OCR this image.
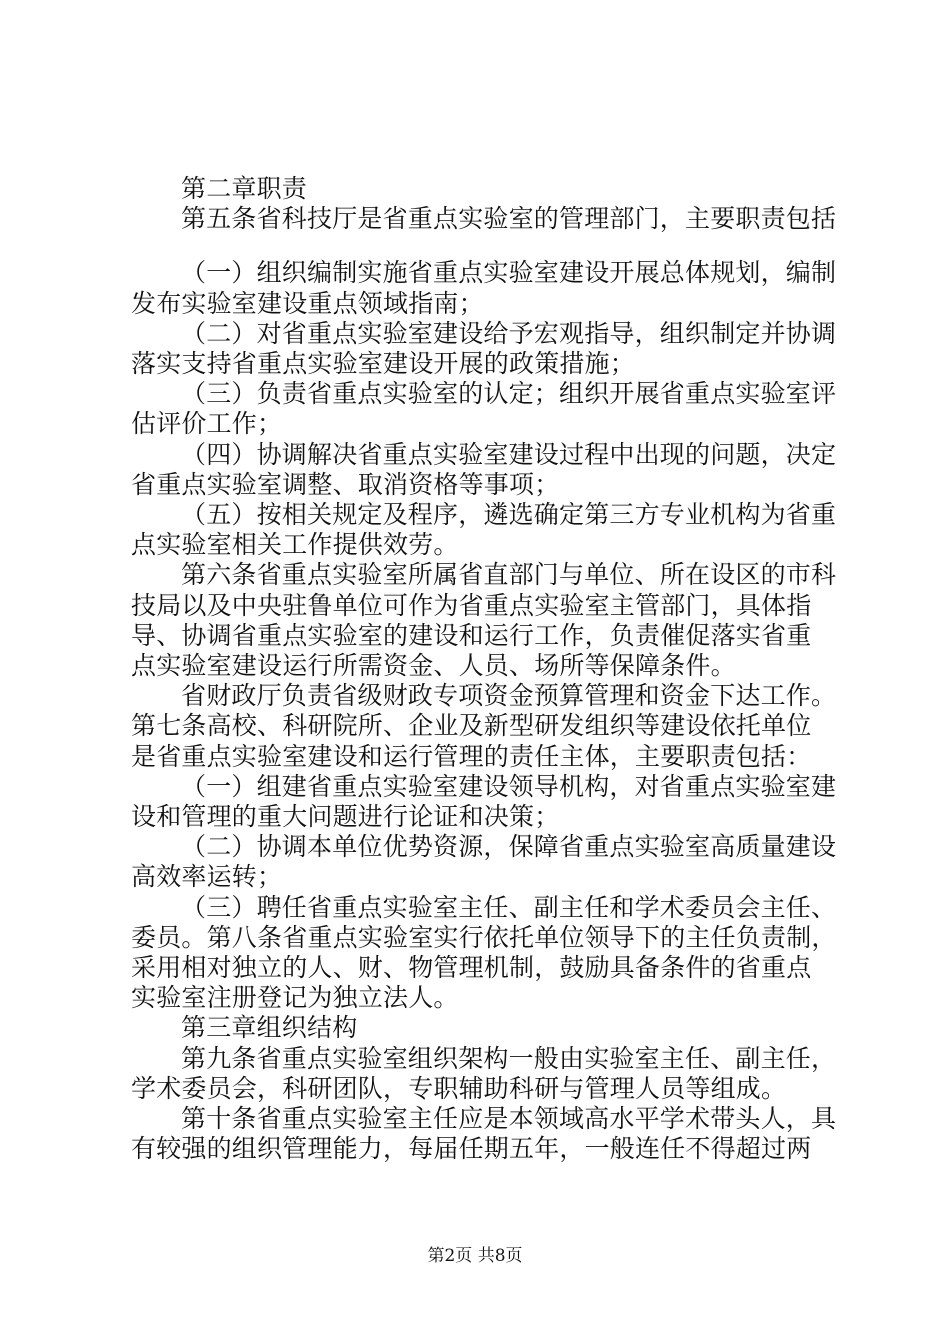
第二章职责
第五条省科技厅是省重点实验室的管理部门，主要职责包括
（一）组织编制实施省重点实验室建设开展总体规划，编制
发布实验室建设重点领域指南；
（二）对省重点实验室建设给予宏观指导，组织制定并协调
落实支持省重点实验室建设开展的政策措施；
（三）负责省重点实验室的认定；组织开展省重点实验室评
估评价工作；
（四）协调解决省重点实验室建设过程中出现的问题，决定
省重点实验室调整、取消资格等事项；
（五）按相关规定及程序，遴选确定第三方专业机构为省重
点实验室相关工作提供效劳。
第六条省重点实验室所属省直部门与单位、所在设区的市科
技局以及中央驻鲁单位可作为省重点实验室主管部门，具体指
导、协调省重点实验室的建设和运行工作，负责催促落实省重
点实验室建设运行所需资金、人员、场所等保障条件。
省财政厅负责省级财政专项资金预算管理和资金下达工作。
第七条高校、科研院所、企业及新型研发组织等建设依托单位
是省重点实验室建设和运行管理的责任主体，主要职责包括：
（一）组建省重点实验室建设领导机构，对省重点实验室建
设和管理的重大问题进行论证和决策；
（二）协调本单位优势资源，保障省重点实验室高质量建设
高效率运转；
（三）聘任省重点实验室主任、副主任和学术委员会主任、
委员。第八条省重点实验室实行依托单位领导下的主任负责制，
采用相对独立的人、财、物管理机制，鼓励具备条件的省重点
实验室注册登记为独立法人。
第三章组织结构
第九条省重点实验室组织架构一般由实验室主任、副主任，
学术委员会，科研团队，专职辅助科研与管理人员等组成。
第十条省重点实验室主任应是本领域高水平学术带头人，具
有较强的组织管理能力，每届任期五年，一般连任不得超过两
第2页 共8页
